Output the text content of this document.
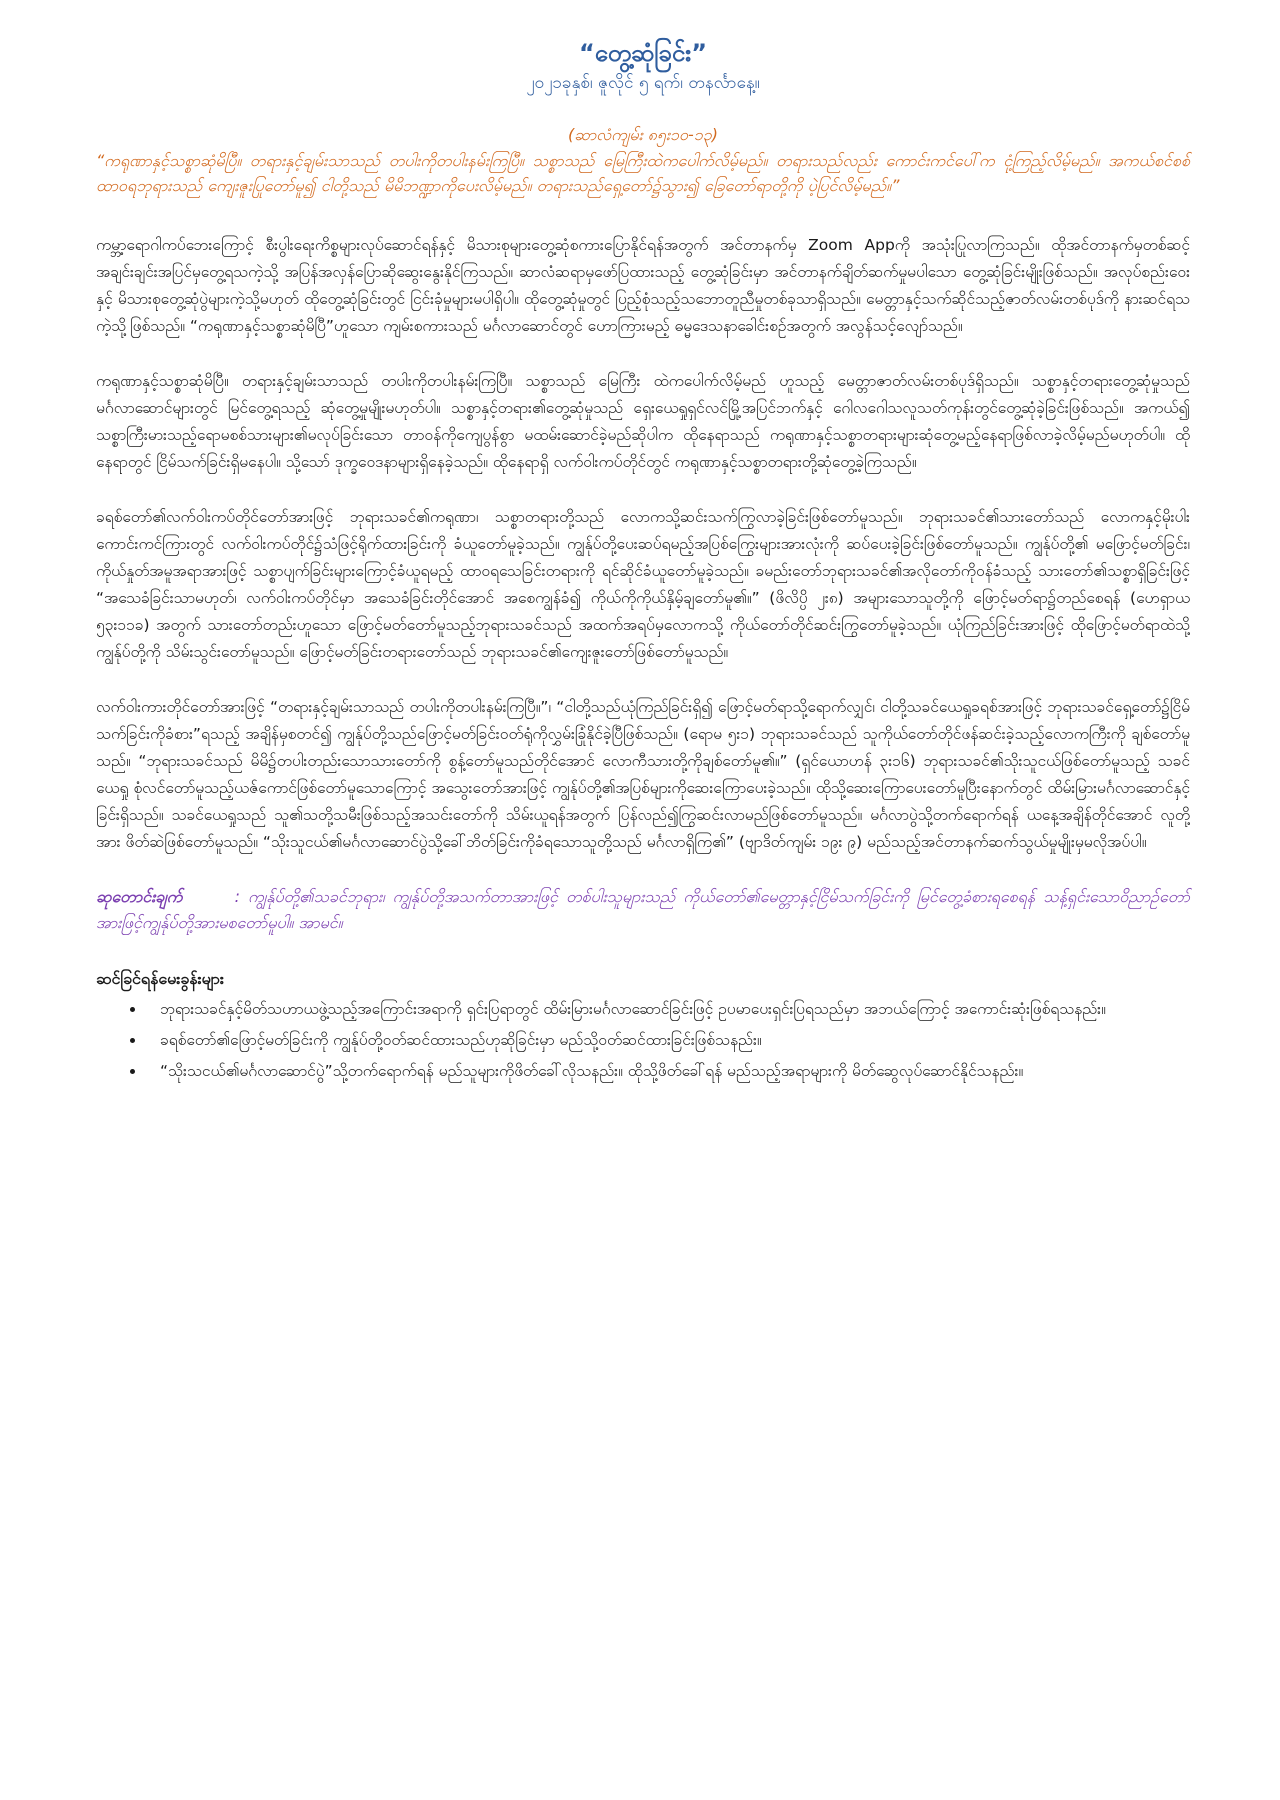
“တွေ့ဆုံခြင်း”

၂၀၂၁ခုနှစ်၊ ဇူလိုင် ၅ ရက်၊ တနင်္လာနေ့။

(ဆာလံကျမ်း ၈၅း၁၀-၁၃)

“ကရုဏာနှင့်သစ္စာဆုံမိပြီ။ တရားနှင့်ချမ်းသာသည် တပါးကိုတပါးနမ်းကြပြီ။ သစ္စာသည် မြေကြီးထဲကပေါက်လိမ့်မည်။ တရားသည်လည်း ကောင်းကင်ပေါ်က ငုံ့ကြည့်လိမ့်မည်။ အကယ်စင်စစ် ထာဝရဘုရားသည် ကျေးဇူးပြုတော်မူ၍ ငါတို့သည် မိမိဘဏ္ဍာကိုပေးလိမ့်မည်။ တရားသည်ရှေ့တော်၌သွား၍ ခြေတော်ရာတို့ကို ပဲ့ပြင်လိမ့်မည်။”

ကမ္ဘာ့ရောဂါကပ်ဘေးကြောင့် စီးပွါးရေးကိစ္စများလုပ်ဆောင်ရန်နှင့် မိသားစုများတွေ့ဆုံစကားပြောနိုင်ရန်အတွက် အင်တာနက်မှ Zoom Appကို အသုံးပြုလာကြသည်။ ထိုအင်တာနက်မှတစ်ဆင့် အချင်းချင်းအပြင်မှတွေ့ရသကဲ့သို့ အပြန်အလှန်ပြောဆိုဆွေးနွေးနိုင်ကြသည်။ ဆာလံဆရာမှဖော်ပြထားသည့် တွေ့ဆုံခြင်းမှာ အင်တာနက်ချိတ်ဆက်မှုမပါသော တွေ့ဆုံခြင်းမျိုးဖြစ်သည်။ အလုပ်စည်းဝေးနှင့် မိသားစုတွေ့ဆုံပွဲများကဲ့သို့မဟုတ် ထိုတွေ့ဆုံခြင်းတွင် ငြင်းခုံမှုများမပါရှိပါ။ ထိုတွေ့ဆုံမှုတွင် ပြည့်စုံသည့်သဘောတူညီမှုတစ်ခုသာရှိသည်။ မေတ္တာနှင့်သက်ဆိုင်သည့်ဇာတ်လမ်းတစ်ပုဒ်ကို နားဆင်ရသကဲ့သို့ဖြစ်သည်။ “ကရုဏာနှင့်သစ္စာဆုံမိပြီ”ဟူသော ကျမ်းစကားသည် မင်္ဂလာဆောင်တွင် ဟောကြားမည့် ဓမ္မဒေသနာခေါင်းစဉ်အတွက် အလွန်သင့်လျော်သည်။

ကရုဏာနှင့်သစ္စာဆုံမိပြီ။ တရားနှင့်ချမ်းသာသည် တပါးကိုတပါးနမ်းကြပြီ။ သစ္စာသည် မြေကြီး ထဲကပေါက်လိမ့်မည် ဟူသည့် မေတ္တာဇာတ်လမ်းတစ်ပုဒ်ရှိသည်။ သစ္စာနှင့်တရားတွေ့ဆုံမှုသည် မင်္ဂလာဆောင်များတွင် မြင်တွေ့ရသည့် ဆုံတွေ့မှုမျိုးမဟုတ်ပါ။ သစ္စာနှင့်တရား၏တွေ့ဆုံမှုသည် ရှေးယေရှုရှင်လင်မြို့အပြင်ဘက်နှင့် ဂေါလဂေါသလူသတ်ကုန်းတွင်တွေ့ဆုံခဲ့ခြင်းဖြစ်သည်။ အကယ်၍ သစ္စာကြီးမားသည့်ရောမစစ်သားများ၏မလုပ်ခြင်းသော တာဝန်ကိုကျေပွန်စွာ မထမ်းဆောင်ခဲ့မည်ဆိုပါက ထိုနေရာသည် ကရုဏာနှင့်သစ္စာတရားများဆုံတွေ့မည့်နေရာဖြစ်လာခဲ့လိမ့်မည်မဟုတ်ပါ။ ထိုနေရာတွင် ငြိမ်သက်ခြင်းရှိမနေပါ။ သို့သော် ဒုက္ခဝေဒနာများရှိနေခဲ့သည်။ ထိုနေရာရှိ လက်ဝါးကပ်တိုင်တွင် ကရုဏာနှင့်သစ္စာတရားတို့ဆုံတွေ့ခဲ့ကြသည်။

ခရစ်တော်၏လက်ဝါးကပ်တိုင်တော်အားဖြင့် ဘုရားသခင်၏ကရုဏာ၊ သစ္စာတရားတို့သည် လောကသို့ဆင်းသက်ကြွလာခဲ့ခြင်းဖြစ်တော်မူသည်။ ဘုရားသခင်၏သားတော်သည် လောကနှင့်မိုးပါးကောင်းကင်ကြားတွင် လက်ဝါးကပ်တိုင်၌သံဖြင့်ရိုက်ထားခြင်းကို ခံယူတော်မူခဲ့သည်။ ကျွန်ုပ်တို့ပေးဆပ်ရမည့်အပြစ်ကြွေးများအားလုံးကို ဆပ်ပေးခဲ့ခြင်းဖြစ်တော်မူသည်။ ကျွန်ုပ်တို့၏ မဖြောင့်မတ်ခြင်း၊ ကိုယ်နှုတ်အမူအရာအားဖြင့် သစ္စာပျက်ခြင်းများကြောင့်ခံယူရမည့် ထာဝရသေခြင်းတရားကို ရင်ဆိုင်ခံယူတော်မူခဲ့သည်။ ခမည်းတော်ဘုရားသခင်၏အလိုတော်ကိုဝန်ခံသည့် သားတော်၏သစ္စာရှိခြင်းဖြင့် “အသေခံခြင်းသာမဟုတ်၊ လက်ဝါးကပ်တိုင်မှာ အသေခံခြင်းတိုင်အောင် အစေကျွန်ခံ၍ ကိုယ်ကိုကိုယ်နှိမ့်ချတော်မူ၏။” (ဖိလိပ္ပိ ၂း၈) အများသောသူတို့ကို ဖြောင့်မတ်ရာ၌တည်စေရန် (ဟေရှာယ ၅၃း၁၁ခ) အတွက် သားတော်တည်းဟူသော ဖြောင့်မတ်တော်မူသည့်ဘုရားသခင်သည် အထက်အရပ်မှလောကသို့ ကိုယ်တော်တိုင်ဆင်းကြွတော်မူခဲ့သည်။ ယုံကြည်ခြင်းအားဖြင့် ထိုဖြောင့်မတ်ရာထဲသို့ ကျွန်ုပ်တို့ကို သိမ်းသွင်းတော်မူသည်။ ဖြောင့်မတ်ခြင်းတရားတော်သည် ဘုရားသခင်၏ကျေးဇူးတော်ဖြစ်တော်မူသည်။

လက်ဝါးကားတိုင်တော်အားဖြင့် “တရားနှင့်ချမ်းသာသည် တပါးကိုတပါးနမ်းကြပြီ။”၊ “ငါတို့သည်ယုံကြည်ခြင်းရှိ၍ ဖြောင့်မတ်ရာသို့ရောက်လျှင်၊ ငါတို့သခင်ယေရှုခရစ်အားဖြင့် ဘုရားသခင်ရှေ့တော်၌ငြိမ်သက်ခြင်းကိုခံစား”ရသည့် အချိန်မှစတင်၍ ကျွန်ုပ်တို့သည်ဖြောင့်မတ်ခြင်းဝတ်ရုံကိုလွှမ်းခြုံနိုင်ခဲ့ပြီဖြစ်သည်။ (ရောမ ၅း၁) ဘုရားသခင်သည် သူကိုယ်တော်တိုင်ဖန်ဆင်းခဲ့သည့်လောကကြီးကို ချစ်တော်မူသည်။ “ဘုရားသခင်သည် မိမိ၌တပါးတည်းသောသားတော်ကို စွန့်တော်မူသည်တိုင်အောင် လောကီသားတို့ကိုချစ်တော်မူ၏။” (ရှင်ယောဟန် ၃း၁၆) ဘုရားသခင်၏သိုးသူငယ်ဖြစ်တော်မူသည့် သခင်ယေရှု စုံလင်တော်မူသည့်ယဇ်ကောင်ဖြစ်တော်မူသောကြောင့် အသွေးတော်အားဖြင့် ကျွန်ုပ်တို့၏အပြစ်များကိုဆေးကြောပေးခဲ့သည်။ ထိုသို့ဆေးကြောပေးတော်မူပြီးနောက်တွင် ထိမ်းမြားမင်္ဂလာဆောင်နှင့်ခြင်းရှိသည်။ သခင်ယေရှုသည် သူ၏သတို့သမီးဖြစ်သည့်အသင်းတော်ကို သိမ်းယူရန်အတွက် ပြန်လည်၍ကြွဆင်းလာမည်ဖြစ်တော်မူသည်။ မင်္ဂလာပွဲသို့တက်ရောက်ရန် ယနေ့အချိန်တိုင်အောင် လူတို့အား ဖိတ်ဆဲဖြစ်တော်မူသည်။ “သိုးသူငယ်၏မင်္ဂလာဆောင်ပွဲသို့ခေါ်ဘိတ်ခြင်းကိုခံရသောသူတို့သည် မင်္ဂလာရှိကြ၏” (ဗျာဒိတ်ကျမ်း ၁၉း ၉) မည်သည့်အင်တာနက်ဆက်သွယ်မှုမျိုးမှမလိုအပ်ပါ။

ဆုတောင်းချက်	: ကျွန်ုပ်တို့၏သခင်ဘုရား၊ ကျွန်ုပ်တို့အသက်တာအားဖြင့် တစ်ပါးသူများသည် ကိုယ်တော်၏မေတ္တာနှင့်ငြိမ်သက်ခြင်းကို မြင်တွေ့ခံစားရစေရန် သန့်ရှင်းသောဝိညာဉ်တော်အားဖြင့်ကျွန်ုပ်တို့အားမစတော်မူပါ။ အာမင်။

ဆင်ခြင်ရန်မေးခွန်းများ

• ဘုရားသခင်နှင့်မိတ်သဟာယဖွဲ့သည့်အကြောင်းအရာကို ရှင်းပြရာတွင် ထိမ်းမြားမင်္ဂလာဆောင်ခြင်းဖြင့် ဥပမာပေးရှင်းပြရသည်မှာ အဘယ်ကြောင့် အကောင်းဆုံးဖြစ်ရသနည်း။
• ခရစ်တော်၏ဖြောင့်မတ်ခြင်းကို ကျွန်ုပ်တို့ဝတ်ဆင်ထားသည်ဟုဆိုခြင်းမှာ မည်သို့ဝတ်ဆင်ထားခြင်းဖြစ်သနည်း။
• “သိုးသငယ်၏မင်္ဂလာဆောင်ပွဲ”သို့တက်ရောက်ရန် မည်သူများကိုဖိတ်ခေါ်လိုသနည်း။ ထိုသို့ဖိတ်ခေါ်ရန် မည်သည့်အရာများကို မိတ်ဆွေလုပ်ဆောင်နိုင်သနည်း။
